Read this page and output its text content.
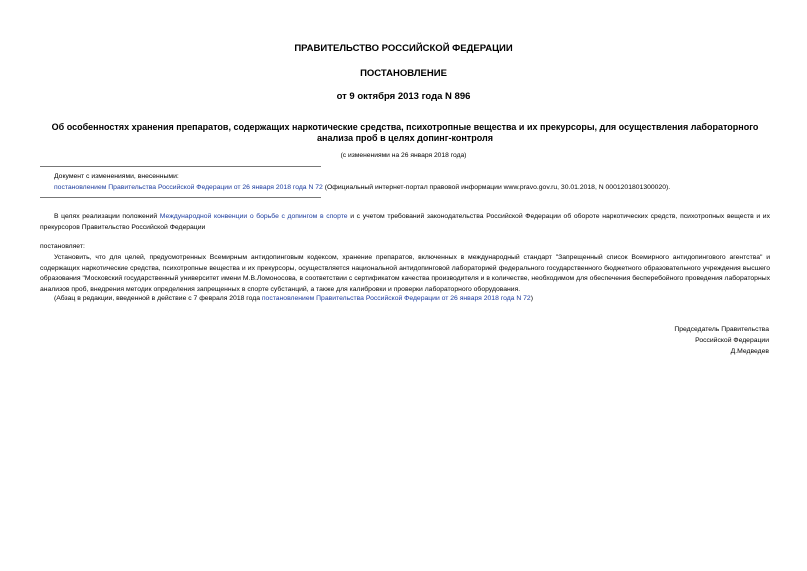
ПРАВИТЕЛЬСТВО РОССИЙСКОЙ ФЕДЕРАЦИИ
ПОСТАНОВЛЕНИЕ
от 9 октября 2013 года N 896
Об особенностях хранения препаратов, содержащих наркотические средства, психотропные вещества и их прекурсоры, для осуществления лабораторного анализа проб в целях допинг-контроля
(с изменениями на 26 января 2018 года)
Документ с изменениями, внесенными:
постановлением Правительства Российской Федерации от 26 января 2018 года N 72 (Официальный интернет-портал правовой информации www.pravo.gov.ru, 30.01.2018, N 0001201801300020).
В целях реализации положений Международной конвенции о борьбе с допингом в спорте и с учетом требований законодательства Российской Федерации об обороте наркотических средств, психотропных веществ и их прекурсоров Правительство Российской Федерации
постановляет:
Установить, что для целей, предусмотренных Всемирным антидопинговым кодексом, хранение препаратов, включенных в международный стандарт "Запрещенный список Всемирного антидопингового агентства" и содержащих наркотические средства, психотропные вещества и их прекурсоры, осуществляется национальной антидопинговой лабораторией федерального государственного бюджетного образовательного учреждения высшего образования "Московский государственный университет имени М.В.Ломоносова, в соответствии с сертификатом качества производителя и в количестве, необходимом для обеспечения бесперебойного проведения лабораторных анализов проб, внедрения методик определения запрещенных в спорте субстанций, а также для калибровки и проверки лабораторного оборудования.
(Абзац в редакции, введенной в действие с 7 февраля 2018 года постановлением Правительства Российской Федерации от 26 января 2018 года N 72)
Председатель Правительства
Российской Федерации
Д.Медведев
